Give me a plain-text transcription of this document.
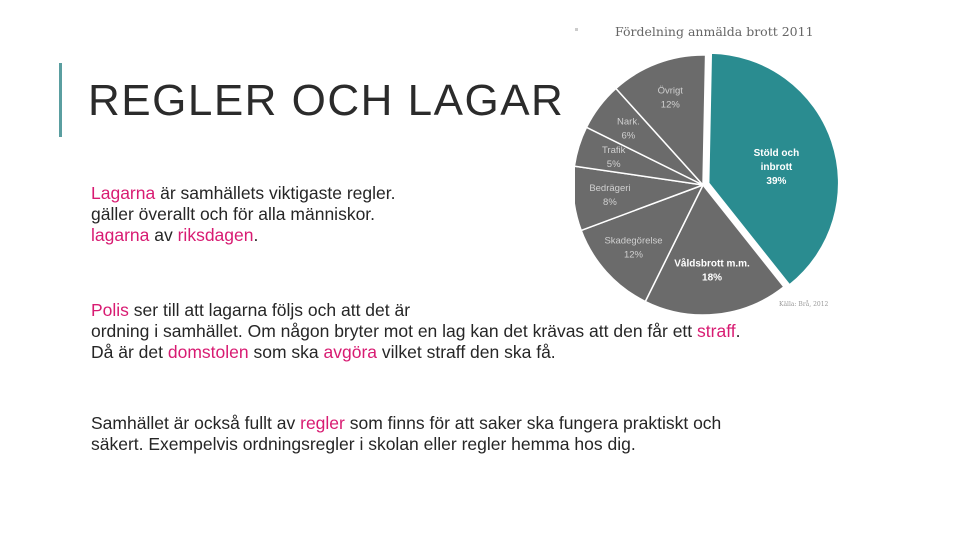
REGLER OCH LAGAR
Lagarna är samhällets viktigaste regler.
gäller överallt och för alla människor.
lagarna av riksdagen.
Polis ser till att lagarna följs och att det är
ordning i samhället. Om någon bryter mot en lag kan det krävas att den får ett straff.
Då är det domstolen som ska avgöra vilket straff den ska få.
Samhället är också fullt av regler som finns för att saker ska fungera praktiskt och
säkert. Exempelvis ordningsregler i skolan eller regler hemma hos dig.
Fördelning anmälda brott 2011
Stöld och inbrott 39%
Våldsbrott m.m. 18%
Skadegörelse 12%
Bedrägeri 8%
Trafik 5%
Nark. 6%
Övrigt 12%
Källa: Brå, 2012
